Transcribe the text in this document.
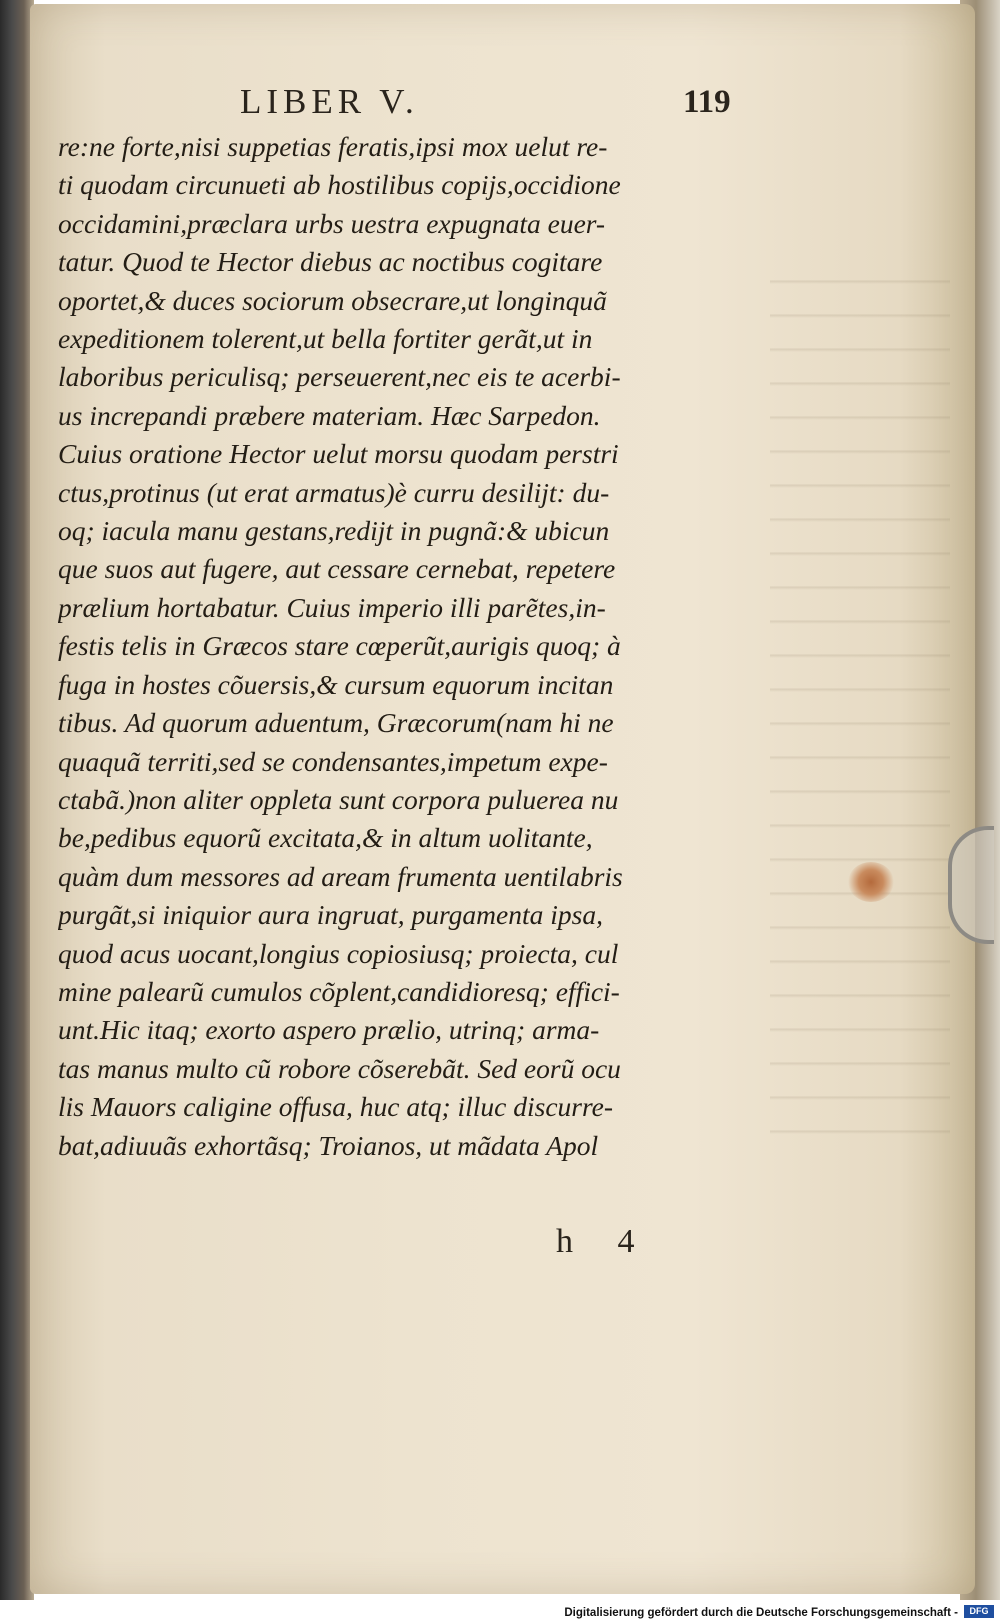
LIBER V.	119
re:ne forte,nisi suppetias feratis,ipsi mox uelut re-
ti quodam circunueti ab hostilibus copijs,occidione
occidamini,præclara urbs uestra expugnata euer-
tatur. Quod te Hector diebus ac noctibus cogitare
oportet,& duces sociorum obsecrare,ut longinquã
expeditionem tolerent,ut bella fortiter gerãt,ut in
laboribus periculisq; perseuerent,nec eis te acerbi-
us increpandi præbere materiam. Hæc Sarpedon.
Cuius oratione Hector uelut morsu quodam perstri
ctus,protinus (ut erat armatus)è curru desilijt: du-
oq; iacula manu gestans,redijt in pugnã:& ubicun
que suos aut fugere, aut cessare cernebat, repetere
prælium hortabatur. Cuius imperio illi parẽtes,in-
festis telis in Græcos stare cœperũt,aurigis quoq; à
fuga in hostes cõuersis,& cursum equorum incitan
tibus. Ad quorum aduentum, Græcorum(nam hi ne
quaquã territi,sed se condensantes,impetum expe-
ctabã.)non aliter oppleta sunt corpora puluerea nu
be,pedibus equorũ excitata,& in altum uolitante,
quàm dum messores ad aream frumenta uentilabris
purgãt,si iniquior aura ingruat, purgamenta ipsa,
quod acus uocant,longius copiosiusq; proiecta, cul
mine palearũ cumulos cõplent,candidioresq; effici-
unt.Hic itaq; exorto aspero prælio, utrinq; arma-
tas manus multo cũ robore cõserebãt. Sed eorũ ocu
lis Mauors caligine offusa, huc atq; illuc discurre-
bat,adiuuãs exhortãsq; Troianos, ut mãdata Apol
h 4
Digitalisierung gefördert durch die Deutsche Forschungsgemeinschaft -	DFG
